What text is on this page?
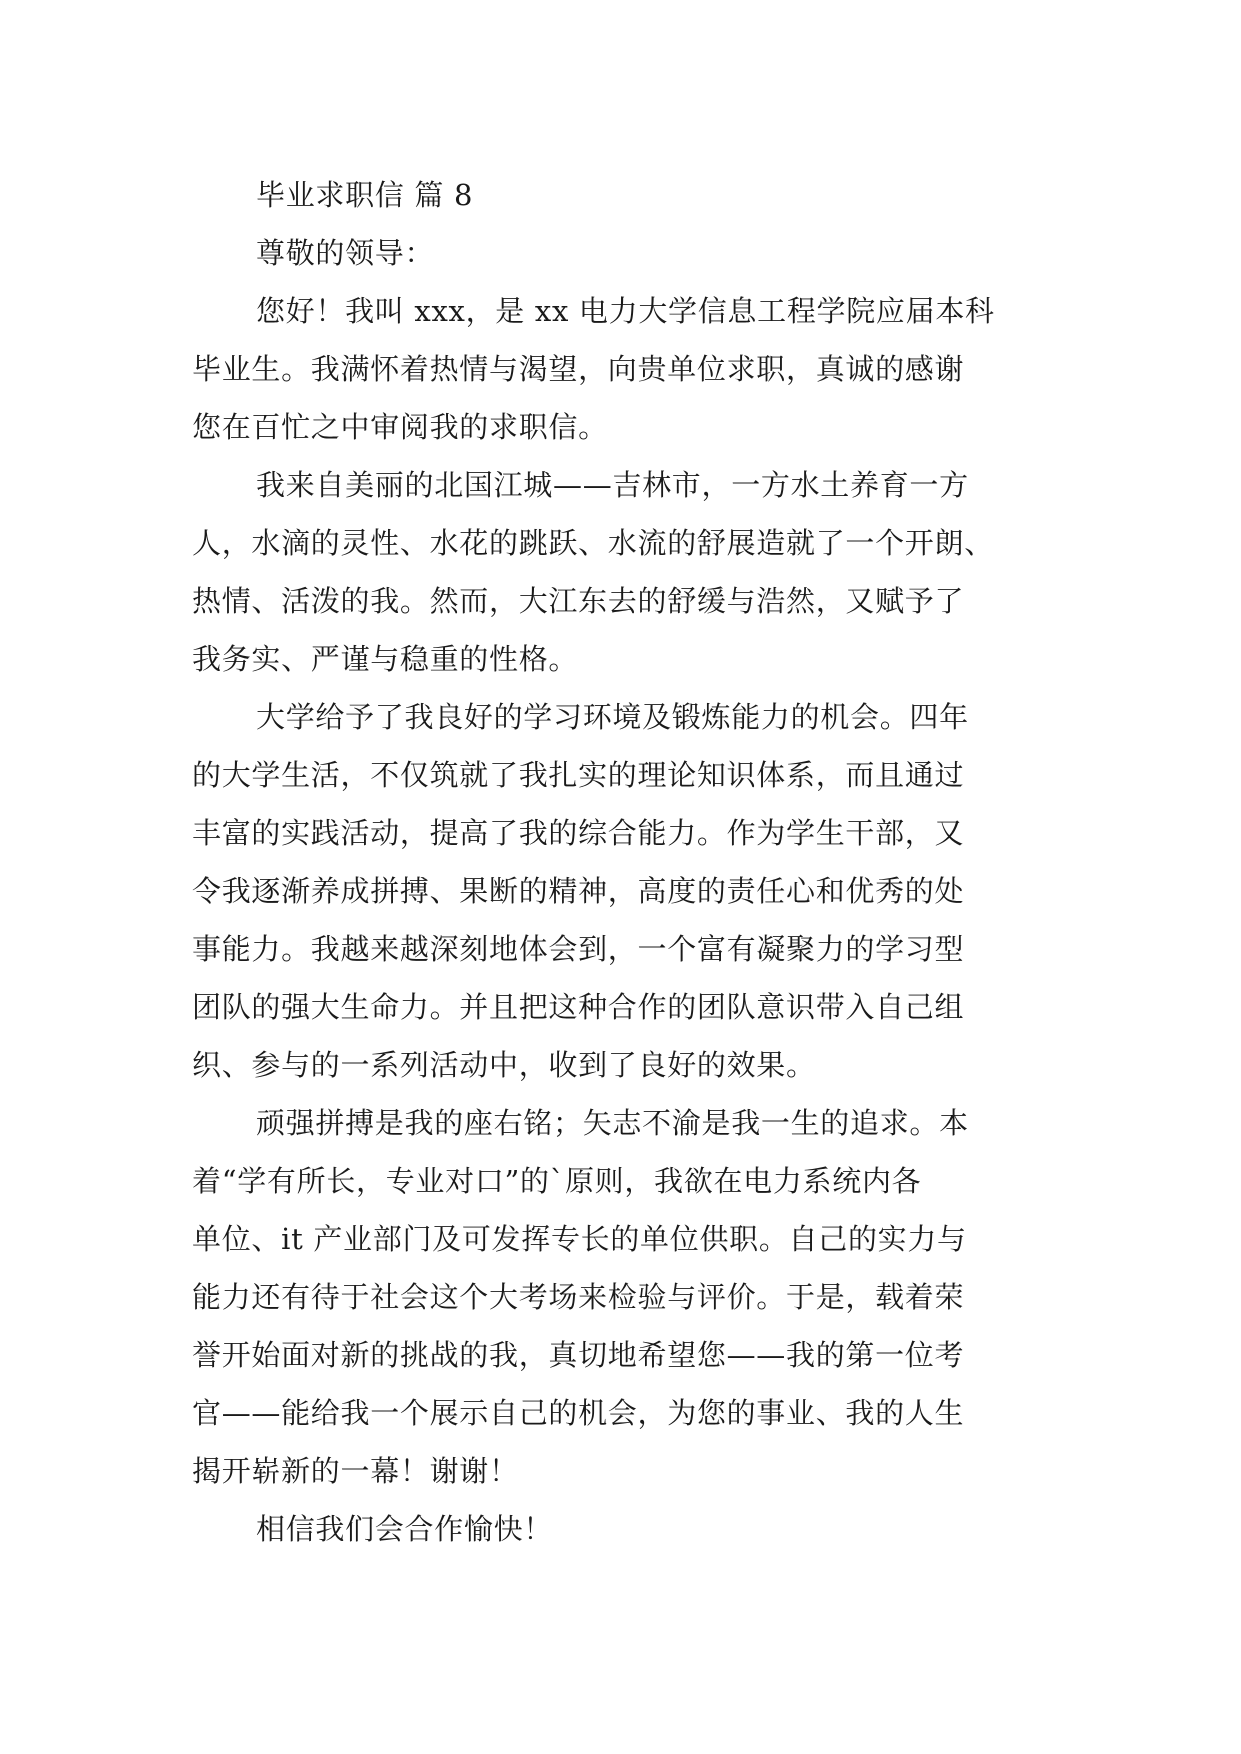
毕业求职信 篇 8

尊敬的领导：

您好！我叫 xxx，是 xx 电力大学信息工程学院应届本科

毕业生。我满怀着热情与渴望，向贵单位求职，真诚的感谢

您在百忙之中审阅我的求职信。

我来自美丽的北国江城——吉林市，一方水土养育一方

人，水滴的灵性、水花的跳跃、水流的舒展造就了一个开朗、

热情、活泼的我。然而，大江东去的舒缓与浩然，又赋予了

我务实、严谨与稳重的性格。

大学给予了我良好的学习环境及锻炼能力的机会。四年

的大学生活，不仅筑就了我扎实的理论知识体系，而且通过

丰富的实践活动，提高了我的综合能力。作为学生干部，又

令我逐渐养成拼搏、果断的精神，高度的责任心和优秀的处

事能力。我越来越深刻地体会到，一个富有凝聚力的学习型

团队的强大生命力。并且把这种合作的团队意识带入自己组

织、参与的一系列活动中，收到了良好的效果。

顽强拼搏是我的座右铭；矢志不渝是我一生的追求。本

着“学有所长，专业对口”的`原则，我欲在电力系统内各

单位、it 产业部门及可发挥专长的单位供职。自己的实力与

能力还有待于社会这个大考场来检验与评价。于是，载着荣

誉开始面对新的挑战的我，真切地希望您——我的第一位考

官——能给我一个展示自己的机会，为您的事业、我的人生

揭开崭新的一幕！谢谢！

相信我们会合作愉快！
